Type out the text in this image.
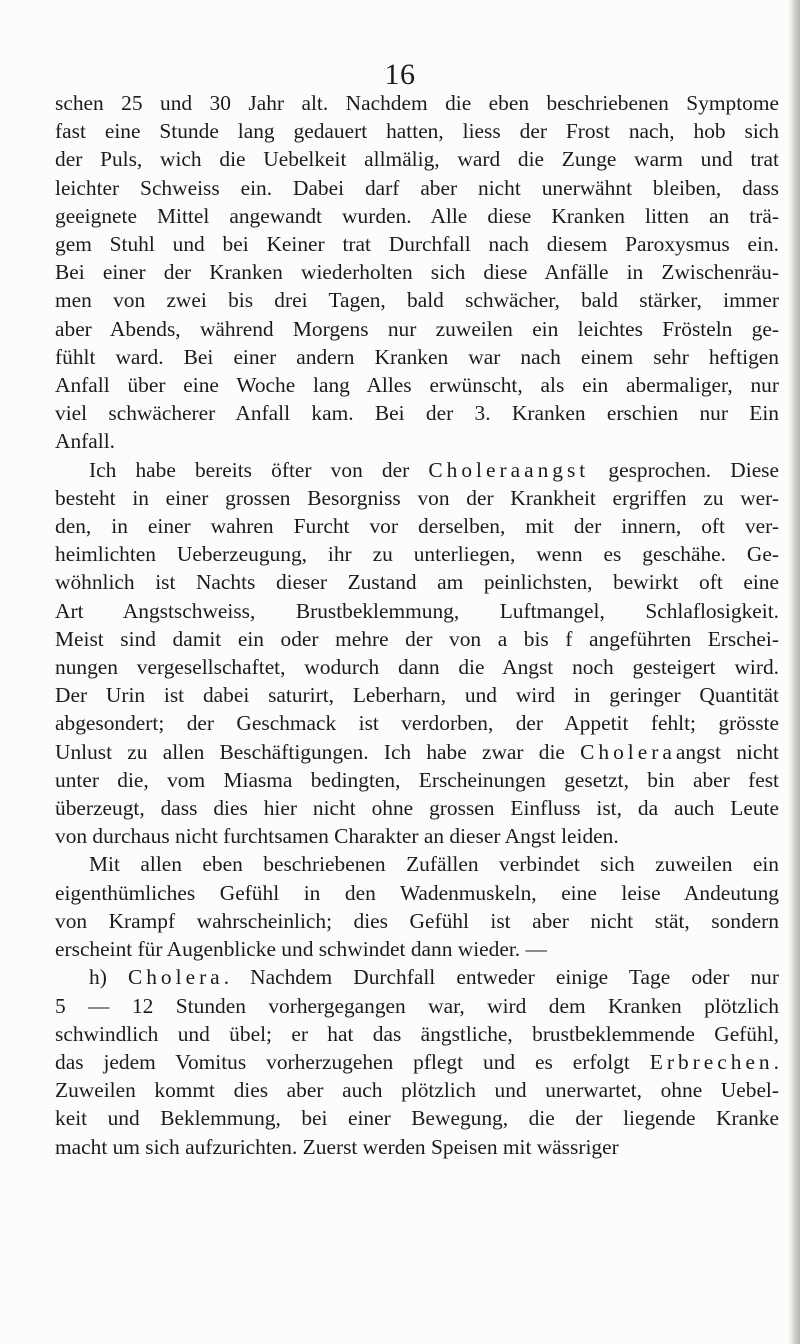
16
schen 25 und 30 Jahr alt. Nachdem die eben beschriebenen Symptome
fast eine Stunde lang gedauert hatten, liess der Frost nach, hob sich
der Puls, wich die Uebelkeit allmälig, ward die Zunge warm und trat
leichter Schweiss ein. Dabei darf aber nicht unerwähnt bleiben, dass
geeignete Mittel angewandt wurden. Alle diese Kranken litten an trä-
gem Stuhl und bei Keiner trat Durchfall nach diesem Paroxysmus ein.
Bei einer der Kranken wiederholten sich diese Anfälle in Zwischenräu-
men von zwei bis drei Tagen, bald schwächer, bald stärker, immer
aber Abends, während Morgens nur zuweilen ein leichtes Frösteln ge-
fühlt ward. Bei einer andern Kranken war nach einem sehr heftigen
Anfall über eine Woche lang Alles erwünscht, als ein abermaliger, nur
viel schwächerer Anfall kam. Bei der 3. Kranken erschien nur Ein
Anfall.
Ich habe bereits öfter von der Choleraangst gesprochen. Diese
besteht in einer grossen Besorgniss von der Krankheit ergriffen zu wer-
den, in einer wahren Furcht vor derselben, mit der innern, oft ver-
heimlichten Ueberzeugung, ihr zu unterliegen, wenn es geschähe. Ge-
wöhnlich ist Nachts dieser Zustand am peinlichsten, bewirkt oft eine
Art Angstschweiss, Brustbeklemmung, Luftmangel, Schlaflosigkeit.
Meist sind damit ein oder mehre der von a bis f angeführten Erschei-
nungen vergesellschaftet, wodurch dann die Angst noch gesteigert wird.
Der Urin ist dabei saturirt, Leberharn, und wird in geringer Quantität
abgesondert; der Geschmack ist verdorben, der Appetit fehlt; grösste
Unlust zu allen Beschäftigungen. Ich habe zwar die Choleraangst nicht
unter die, vom Miasma bedingten, Erscheinungen gesetzt, bin aber fest
überzeugt, dass dies hier nicht ohne grossen Einfluss ist, da auch Leute
von durchaus nicht furchtsamen Charakter an dieser Angst leiden.
Mit allen eben beschriebenen Zufällen verbindet sich zuweilen ein
eigenthümliches Gefühl in den Wadenmuskeln, eine leise Andeutung
von Krampf wahrscheinlich; dies Gefühl ist aber nicht stät, sondern
erscheint für Augenblicke und schwindet dann wieder. —
h) Cholera. Nachdem Durchfall entweder einige Tage oder nur
5 — 12 Stunden vorhergegangen war, wird dem Kranken plötzlich
schwindlich und übel; er hat das ängstliche, brustbeklemmende Gefühl,
das jedem Vomitus vorherzugehen pflegt und es erfolgt Erbrechen.
Zuweilen kommt dies aber auch plötzlich und unerwartet, ohne Uebel-
keit und Beklemmung, bei einer Bewegung, die der liegende Kranke
macht um sich aufzurichten. Zuerst werden Speisen mit wässriger
